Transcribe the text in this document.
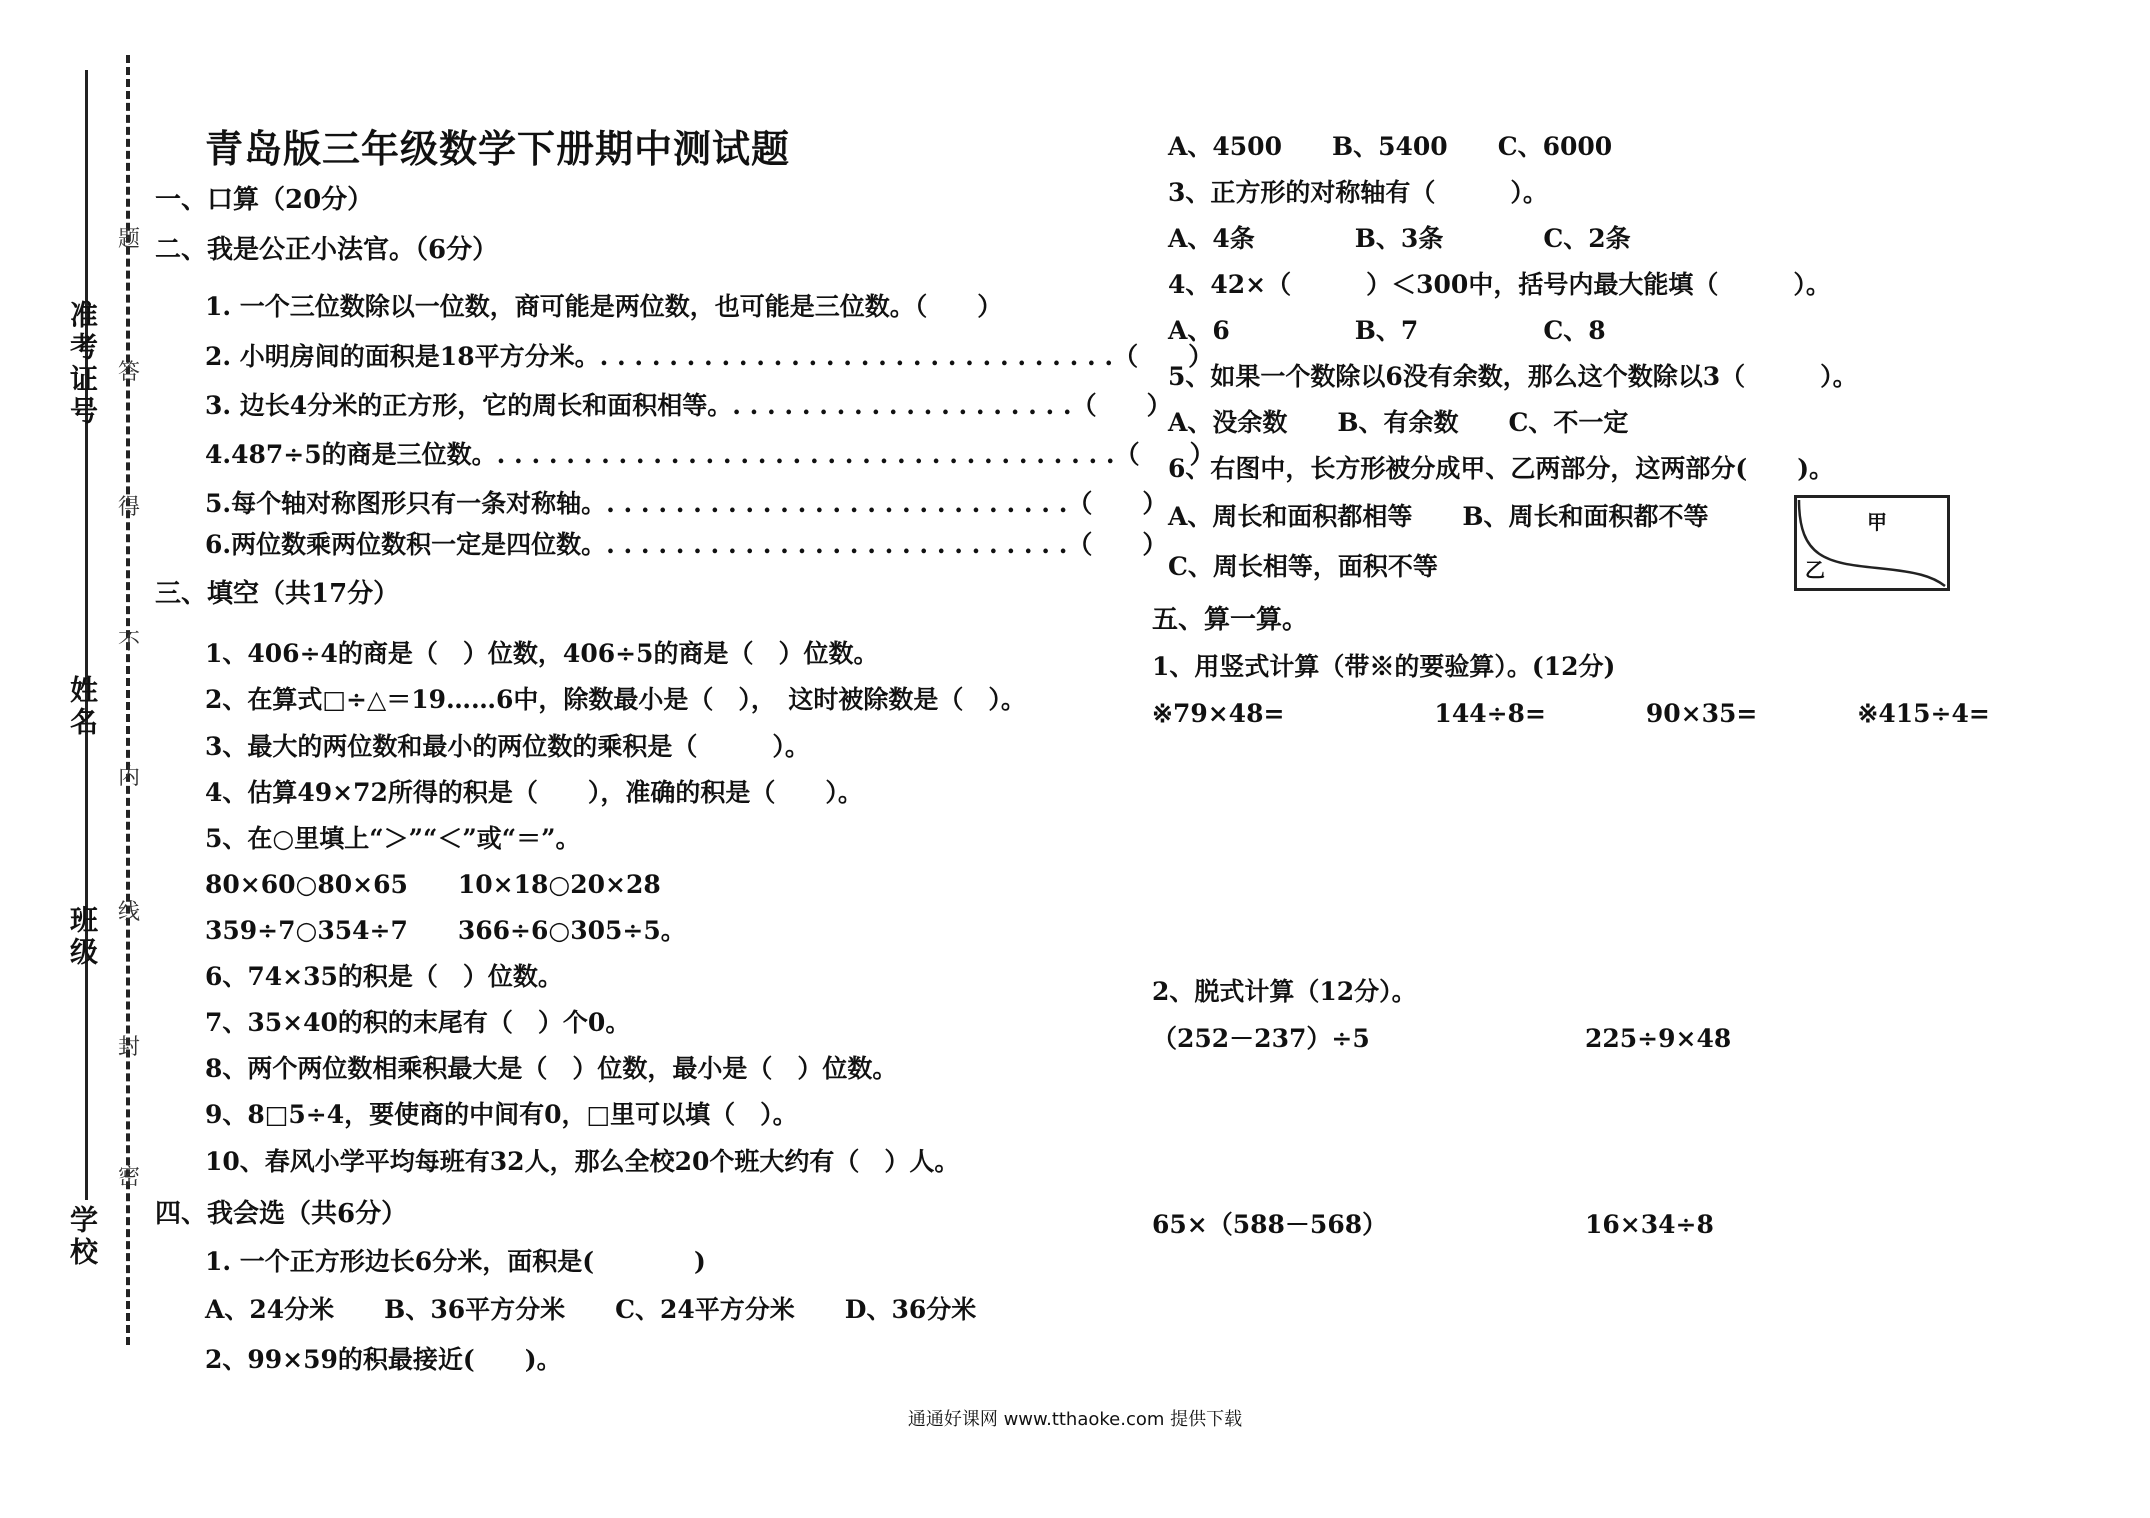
准考证号
姓名
班级
学校
题
答
得
不
内
线
封
密
青岛版三年级数学下册期中测试题
一、口算（20分）
二、我是公正小法官。（6分）
1. 一个三位数除以一位数，商可能是两位数，也可能是三位数。（　　）
2. 小明房间的面积是18平方分米。. . . . . . . . . . . . . . . . . . . . . . . . . . . . . .（　　）
3. 边长4分米的正方形，它的周长和面积相等。. . . . . . . . . . . . . . . . . . . .（　　）
4.487÷5的商是三位数。. . . . . . . . . . . . . . . . . . . . . . . . . . . . . . . . . . . .（　　）
5.每个轴对称图形只有一条对称轴。. . . . . . . . . . . . . . . . . . . . . . . . . . .（　　）
6.两位数乘两位数积一定是四位数。. . . . . . . . . . . . . . . . . . . . . . . . . . .（　　）
三、填空（共17分）
1、406÷4的商是（　）位数，406÷5的商是（　）位数。
2、在算式□÷△＝19……6中，除数最小是（　），　这时被除数是（　）。
3、最大的两位数和最小的两位数的乘积是（　　　）。
4、估算49×72所得的积是（　　），准确的积是（　　）。
5、在○里填上“＞”“＜”或“＝”。
80×60○80×65　　10×18○20×28
359÷7○354÷7　　366÷6○305÷5。
6、74×35的积是（　）位数。
7、35×40的积的末尾有（　）个0。
8、两个两位数相乘积最大是（　）位数，最小是（　）位数。
9、8□5÷4，要使商的中间有0，□里可以填（　）。
10、春风小学平均每班有32人，那么全校20个班大约有（　）人。
四、我会选（共6分）
1. 一个正方形边长6分米，面积是(　　　　)
A、24分米　　B、36平方分米　　C、24平方分米　　D、36分米
2、99×59的积最接近(　　)。
A、4500　　B、5400　　C、6000
3、正方形的对称轴有（　　　）。
A、4条　　　　B、3条　　　　C、2条
4、42×（　　　）＜300中，括号内最大能填（　　　）。
A、6　　　　　B、7　　　　　C、8
5、如果一个数除以6没有余数，那么这个数除以3（　　　）。
A、没余数　　B、有余数　　C、不一定
6、右图中，长方形被分成甲、乙两部分，这两部分(　　)。
A、周长和面积都相等　　B、周长和面积都不等
C、周长相等，面积不等
甲
乙
五、算一算。
1、用竖式计算（带※的要验算）。(12分)
※79×48=　　　　　　144÷8=　　　　90×35=　　　　※415÷4=
2、脱式计算（12分）。
（252－237）÷5	225÷9×48
65×（588－568）	16×34÷8
通通好课网 www.tthaoke.com 提供下载
